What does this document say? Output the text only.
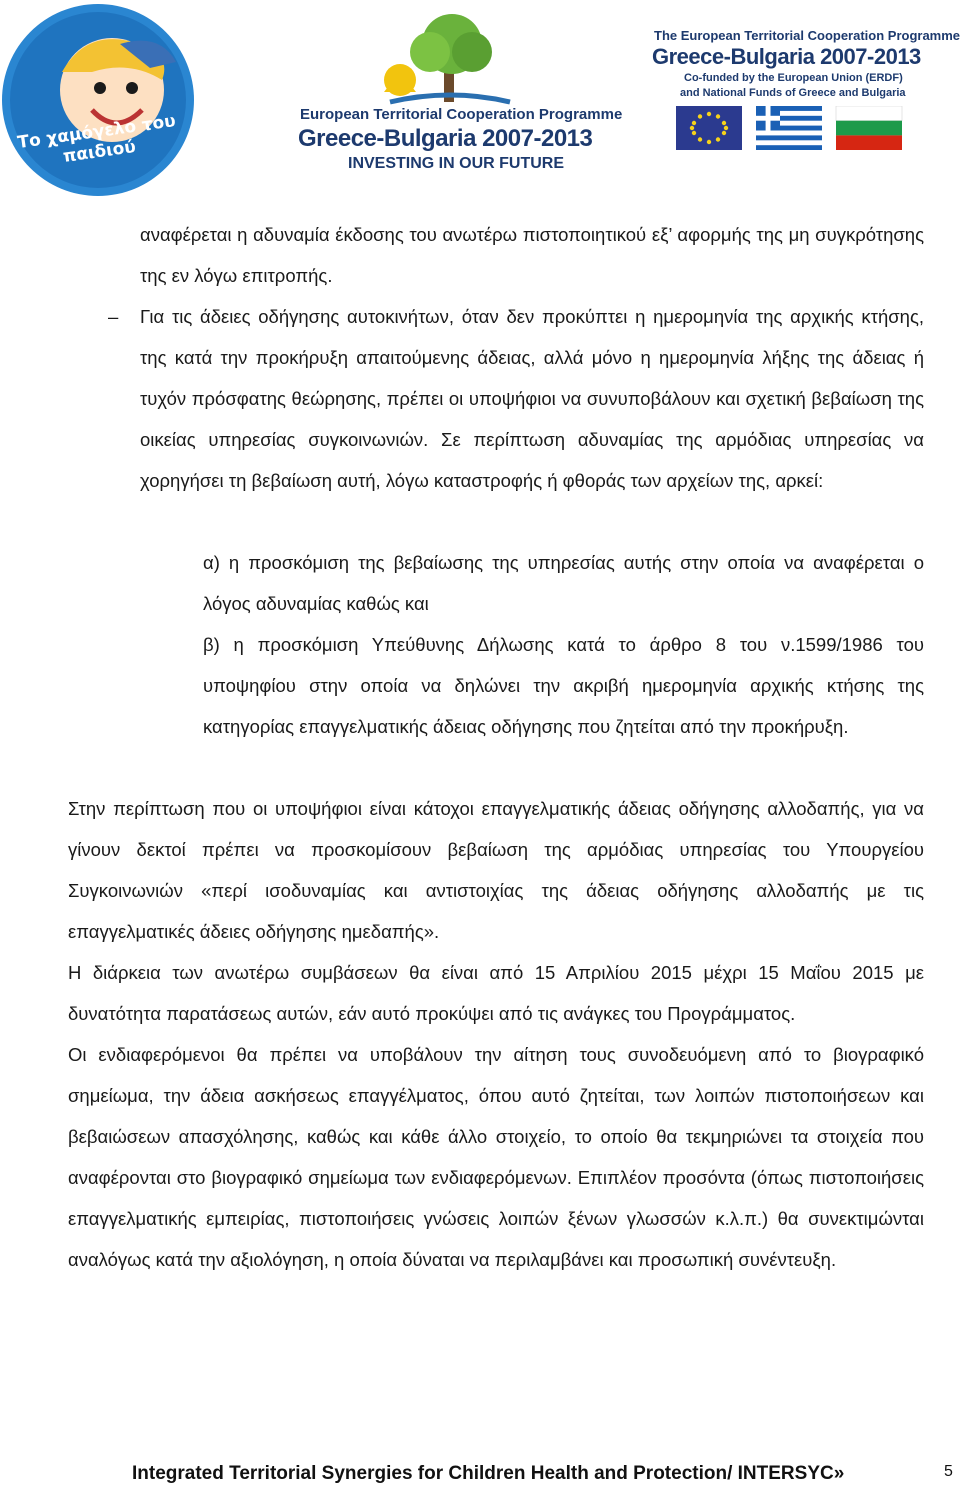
Το χαμόγελο του παιδιού
European Territorial Cooperation Programme
Greece-Bulgaria 2007-2013
INVESTING IN OUR FUTURE
The European Territorial Cooperation Programme
Greece-Bulgaria 2007-2013
Co-funded by the European Union (ERDF)
and National Funds of Greece and Bulgaria

αναφέρεται η αδυναμία έκδοσης του ανωτέρω πιστοποιητικού εξ’ αφορμής της μη συγκρότησης της εν λόγω επιτροπής.

– Για τις άδειες οδήγησης αυτοκινήτων, όταν δεν προκύπτει η ημερομηνία της αρχικής κτήσης, της κατά την προκήρυξη απαιτούμενης άδειας, αλλά μόνο η ημερομηνία λήξης της άδειας ή τυχόν πρόσφατης θεώρησης, πρέπει οι υποψήφιοι να συνυποβάλουν και σχετική βεβαίωση της οικείας υπηρεσίας συγκοινωνιών. Σε περίπτωση αδυναμίας της αρμόδιας υπηρεσίας να χορηγήσει τη βεβαίωση αυτή, λόγω καταστροφής ή φθοράς των αρχείων της, αρκεί:

α) η προσκόμιση της βεβαίωσης της υπηρεσίας αυτής στην οποία να αναφέρεται ο λόγος αδυναμίας καθώς και

β) η προσκόμιση Υπεύθυνης Δήλωσης κατά το άρθρο 8 του ν.1599/1986 του υποψηφίου στην οποία να δηλώνει την ακριβή ημερομηνία αρχικής κτήσης της κατηγορίας επαγγελματικής άδειας οδήγησης που ζητείται από την προκήρυξη.

Στην περίπτωση που οι υποψήφιοι είναι κάτοχοι επαγγελματικής άδειας οδήγησης αλλοδαπής, για να γίνουν δεκτοί πρέπει να προσκομίσουν βεβαίωση της αρμόδιας υπηρεσίας του Υπουργείου Συγκοινωνιών «περί ισοδυναμίας και αντιστοιχίας της άδειας οδήγησης αλλοδαπής με τις επαγγελματικές άδειες οδήγησης ημεδαπής».

Η διάρκεια των ανωτέρω συμβάσεων θα είναι από 15 Απριλίου 2015 μέχρι 15 Μαΐου 2015 με δυνατότητα παρατάσεως αυτών, εάν αυτό προκύψει από τις ανάγκες του Προγράμματος.

Οι ενδιαφερόμενοι θα πρέπει να υποβάλουν την αίτηση τους συνοδευόμενη από το βιογραφικό σημείωμα, την άδεια ασκήσεως επαγγέλματος, όπου αυτό ζητείται, των λοιπών πιστοποιήσεων και βεβαιώσεων απασχόλησης, καθώς και κάθε άλλο στοιχείο, το οποίο θα τεκμηριώνει τα στοιχεία που αναφέρονται στο βιογραφικό σημείωμα των ενδιαφερόμενων. Επιπλέον προσόντα (όπως πιστοποιήσεις επαγγελματικής εμπειρίας, πιστοποιήσεις γνώσεις λοιπών ξένων γλωσσών κ.λ.π.) θα συνεκτιμώνται αναλόγως κατά την αξιολόγηση, η οποία δύναται να περιλαμβάνει και προσωπική συνέντευξη.

Integrated Territorial Synergies for Children Health and Protection/ INTERSYC»	5
